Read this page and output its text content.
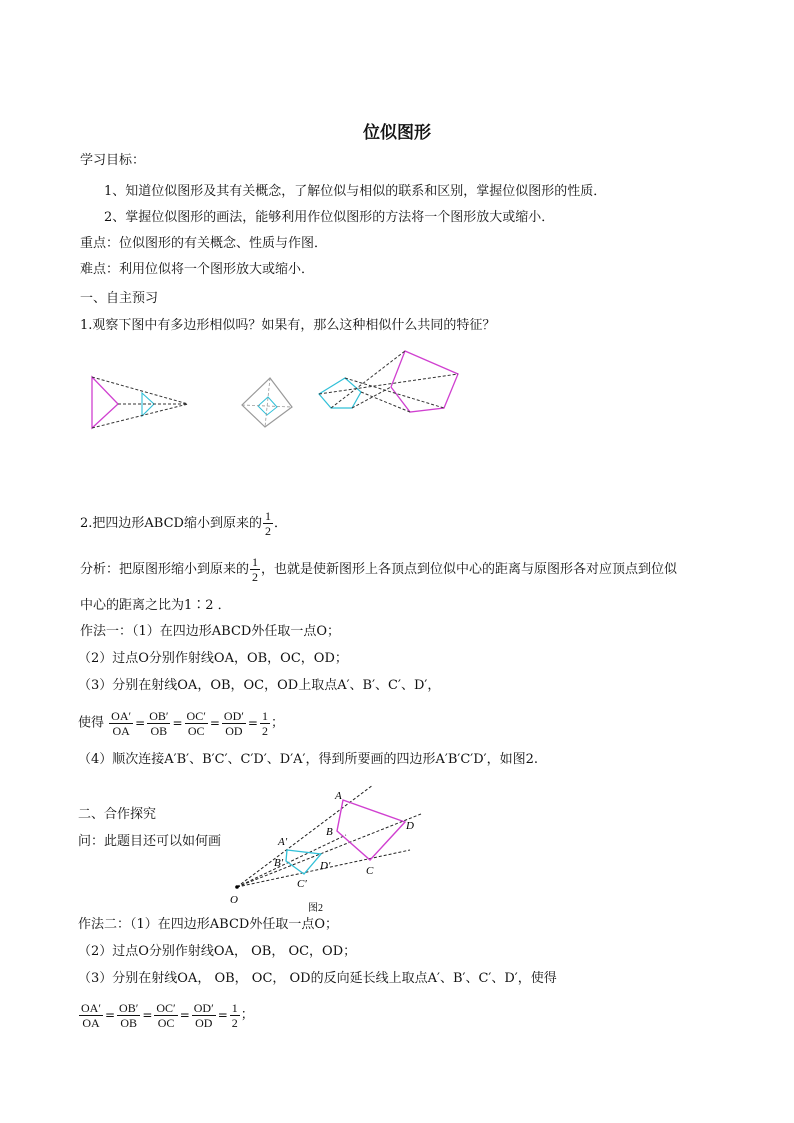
位似图形
学习目标：
1、知道位似图形及其有关概念，了解位似与相似的联系和区别，掌握位似图形的性质．
2、掌握位似图形的画法，能够利用作位似图形的方法将一个图形放大或缩小．
重点：位似图形的有关概念、性质与作图．
难点：利用位似将一个图形放大或缩小．
一、自主预习
1.观察下图中有多边形相似吗？如果有，那么这种相似什么共同的特征？
2.把四边形ABCD缩小到原来的 $\frac{1}{2}$ ．
分析：把原图形缩小到原来的 $\frac{1}{2}$ ，也就是使新图形上各顶点到位似中心的距离与原图形各对应顶点到位似
中心的距离之比为1∶2 ．
作法一：（1）在四边形ABCD外任取一点O；
（2）过点O分别作射线OA，OB，OC，OD；
（3）分别在射线OA，OB，OC，OD上取点A′、B′、C′、D′，
使得 $\frac{OA'}{OA} = \frac{OB'}{OB} = \frac{OC'}{OC} = \frac{OD'}{OD} = \frac{1}{2}$ ；
（4）顺次连接A′B′、B′C′、C′D′、D′A′，得到所要画的四边形A′B′C′D′，如图2.
二、合作探究
问：此题目还可以如何画
A
B
C
D
A′
B′
C′
D′
O
图2
作法二：（1）在四边形ABCD外任取一点O；
（2）过点O分别作射线OA， OB， OC，OD；
（3）分别在射线OA， OB， OC， OD的反向延长线上取点A′、B′、C′、D′，使得
$\frac{OA'}{OA} = \frac{OB'}{OB} = \frac{OC'}{OC} = \frac{OD'}{OD} = \frac{1}{2}$ ；
